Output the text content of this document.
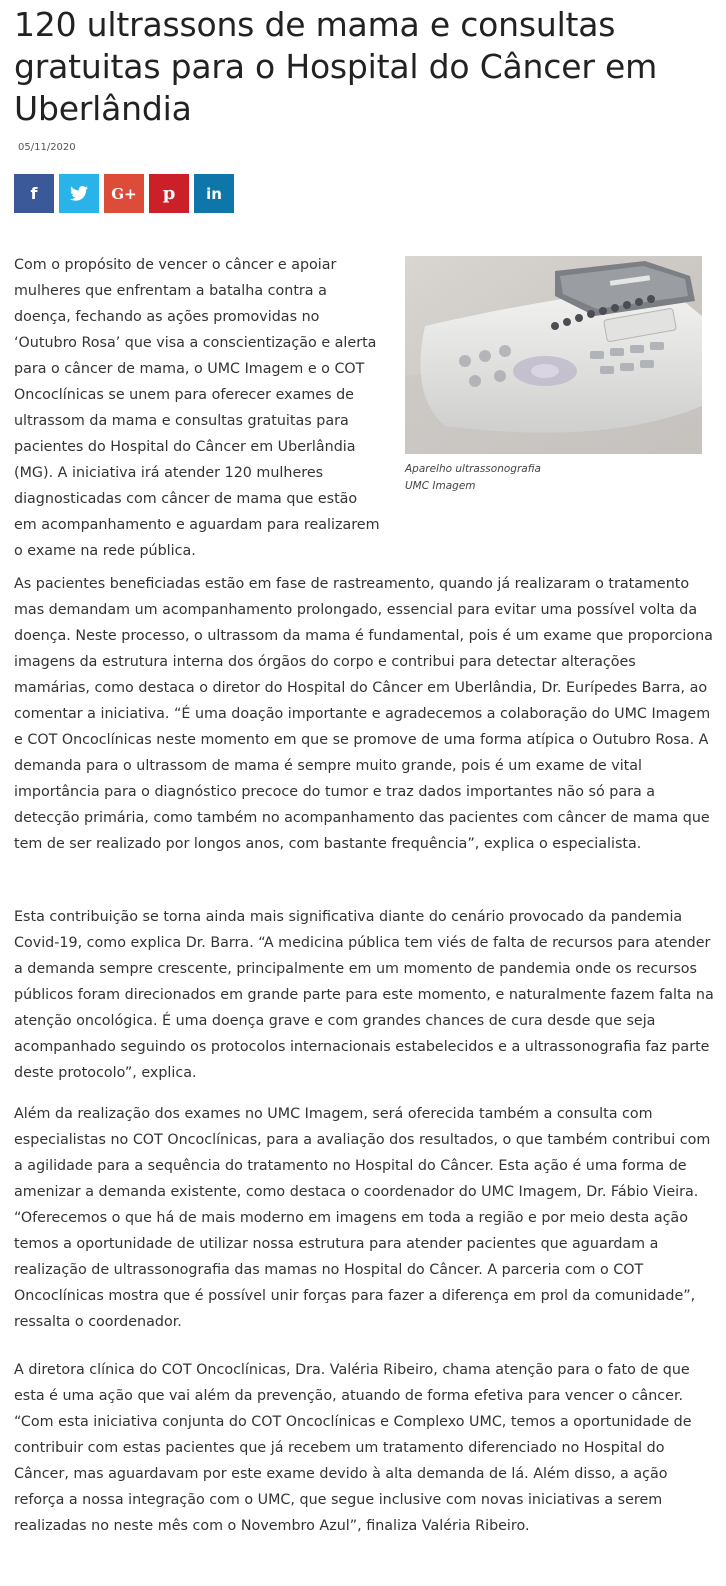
120 ultrassons de mama e consultas gratuitas para o Hospital do Câncer em Uberlândia
05/11/2020
f	G+ p in

Com o propósito de vencer o câncer e apoiar mulheres que enfrentam a batalha contra a doença, fechando as ações promovidas no ‘Outubro Rosa’ que visa a conscientização e alerta para o câncer de mama, o UMC Imagem e o COT Oncoclínicas se unem para oferecer exames de ultrassom da mama e consultas gratuitas para pacientes do Hospital do Câncer em Uberlândia (MG). A iniciativa irá atender 120 mulheres diagnosticadas com câncer de mama que estão em acompanhamento e aguardam para realizarem o exame na rede pública.

Aparelho ultrassonografia
UMC Imagem

As pacientes beneficiadas estão em fase de rastreamento, quando já realizaram o tratamento mas demandam um acompanhamento prolongado, essencial para evitar uma possível volta da doença. Neste processo, o ultrassom da mama é fundamental, pois é um exame que proporciona imagens da estrutura interna dos órgãos do corpo e contribui para detectar alterações mamárias, como destaca o diretor do Hospital do Câncer em Uberlândia, Dr. Eurípedes Barra, ao comentar a iniciativa. “É uma doação importante e agradecemos a colaboração do UMC Imagem e COT Oncoclínicas neste momento em que se promove de uma forma atípica o Outubro Rosa. A demanda para o ultrassom de mama é sempre muito grande, pois é um exame de vital importância para o diagnóstico precoce do tumor e traz dados importantes não só para a detecção primária, como também no acompanhamento das pacientes com câncer de mama que tem de ser realizado por longos anos, com bastante frequência”, explica o especialista.

Esta contribuição se torna ainda mais significativa diante do cenário provocado da pandemia Covid-19, como explica Dr. Barra. “A medicina pública tem viés de falta de recursos para atender a demanda sempre crescente, principalmente em um momento de pandemia onde os recursos públicos foram direcionados em grande parte para este momento, e naturalmente fazem falta na atenção oncológica. É uma doença grave e com grandes chances de cura desde que seja acompanhado seguindo os protocolos internacionais estabelecidos e a ultrassonografia faz parte deste protocolo”, explica.

Além da realização dos exames no UMC Imagem, será oferecida também a consulta com especialistas no COT Oncoclínicas, para a avaliação dos resultados, o que também contribui com a agilidade para a sequência do tratamento no Hospital do Câncer. Esta ação é uma forma de amenizar a demanda existente, como destaca o coordenador do UMC Imagem, Dr. Fábio Vieira. “Oferecemos o que há de mais moderno em imagens em toda a região e por meio desta ação temos a oportunidade de utilizar nossa estrutura para atender pacientes que aguardam a realização de ultrassonografia das mamas no Hospital do Câncer. A parceria com o COT Oncoclínicas mostra que é possível unir forças para fazer a diferença em prol da comunidade”, ressalta o coordenador.

A diretora clínica do COT Oncoclínicas, Dra. Valéria Ribeiro, chama atenção para o fato de que esta é uma ação que vai além da prevenção, atuando de forma efetiva para vencer o câncer. “Com esta iniciativa conjunta do COT Oncoclínicas e Complexo UMC, temos a oportunidade de contribuir com estas pacientes que já recebem um tratamento diferenciado no Hospital do Câncer, mas aguardavam por este exame devido à alta demanda de lá. Além disso, a ação reforça a nossa integração com o UMC, que segue inclusive com novas iniciativas a serem realizadas no neste mês com o Novembro Azul”, finaliza Valéria Ribeiro.
